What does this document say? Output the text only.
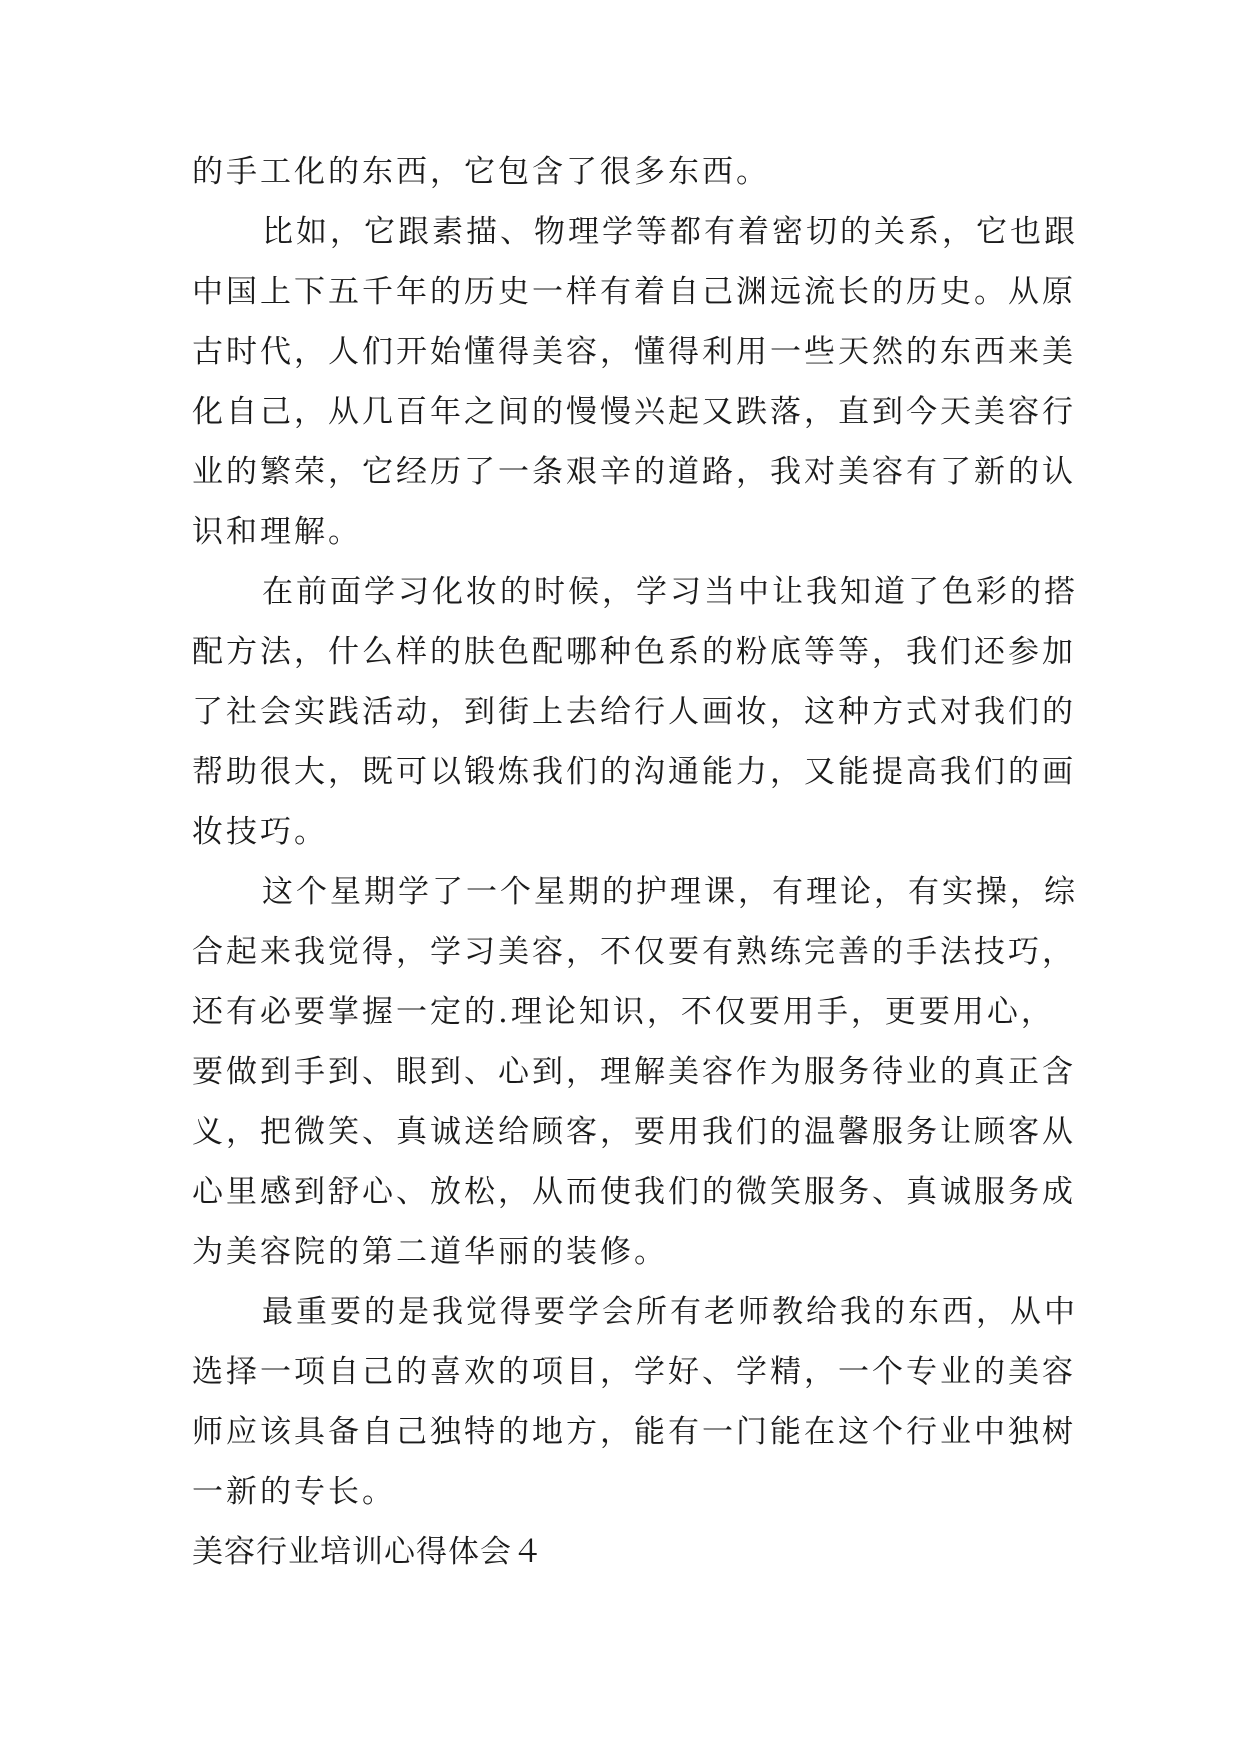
的手工化的东西，它包含了很多东西。
比如，它跟素描、物理学等都有着密切的关系，它也跟
中国上下五千年的历史一样有着自己渊远流长的历史。从原
古时代，人们开始懂得美容，懂得利用一些天然的东西来美
化自己，从几百年之间的慢慢兴起又跌落，直到今天美容行
业的繁荣，它经历了一条艰辛的道路，我对美容有了新的认
识和理解。
在前面学习化妆的时候，学习当中让我知道了色彩的搭
配方法，什么样的肤色配哪种色系的粉底等等，我们还参加
了社会实践活动，到街上去给行人画妆，这种方式对我们的
帮助很大，既可以锻炼我们的沟通能力，又能提高我们的画
妆技巧。
这个星期学了一个星期的护理课，有理论，有实操，综
合起来我觉得，学习美容，不仅要有熟练完善的手法技巧，
还有必要掌握一定的.理论知识，不仅要用手，更要用心，
要做到手到、眼到、心到，理解美容作为服务待业的真正含
义，把微笑、真诚送给顾客，要用我们的温馨服务让顾客从
心里感到舒心、放松，从而使我们的微笑服务、真诚服务成
为美容院的第二道华丽的装修。
最重要的是我觉得要学会所有老师教给我的东西，从中
选择一项自己的喜欢的项目，学好、学精，一个专业的美容
师应该具备自己独特的地方，能有一门能在这个行业中独树
一新的专长。
美容行业培训心得体会４
